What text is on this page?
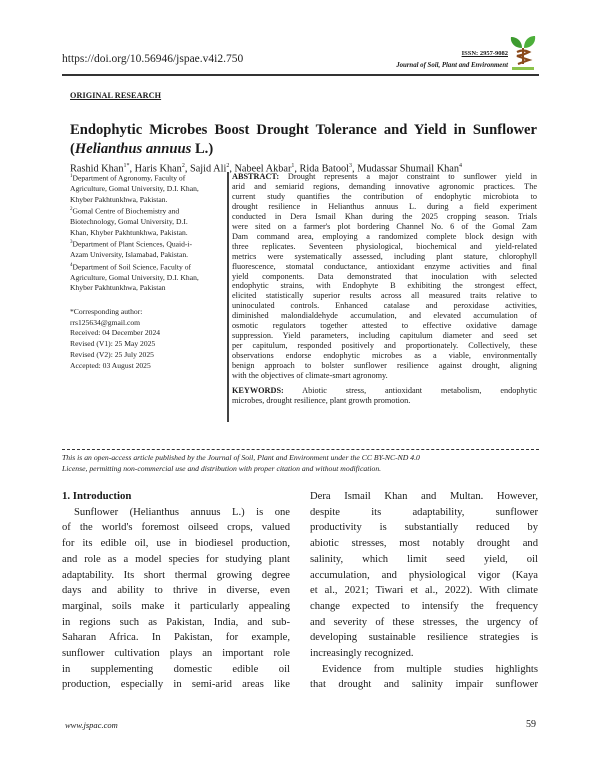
https://doi.org/10.56946/jspae.v4i2.750	ISSN: 2957-9082
Journal of Soil, Plant and Environment
ORIGINAL RESEARCH
Endophytic Microbes Boost Drought Tolerance and Yield in Sunflower
(Helianthus annuus L.)
Rashid Khan$^{1*}$, Haris Khan$^2$, Sajid Ali$^2$, Nabeel Akbar$^1$, Rida Batool$^3$, Mudassar Shumail Khan$^4$
$^1$Department of Agronomy, Faculty of
Agriculture, Gomal University, D.I. Khan,
Khyber Pakhtunkhwa, Pakistan.
$^2$Gomal Centre of Biochemistry and
Biotechnology, Gomal University, D.I.
Khan, Khyber Pakhtunkhwa, Pakistan.
$^3$Department of Plant Sciences, Quaid-i-
Azam University, Islamabad, Pakistan.
$^4$Department of Soil Science, Faculty of
Agriculture, Gomal University, D.I. Khan,
Khyber Pakhtunkhwa, Pakistan
*Corresponding author:
rrs125634@gmail.com
Received: 04 December 2024
Revised (V1): 25 May 2025
Revised (V2): 25 July 2025
Accepted: 03 August 2025
ABSTRACT: Drought represents a major constraint to sunflower yield in
arid and semiarid regions, demanding innovative agronomic practices. The
current study quantifies the contribution of endophytic microbiota to
drought resilience in Helianthus annuus L. during a field experiment
conducted in Dera Ismail Khan during the 2025 cropping season. Trials
were sited on a farmer's plot bordering Channel No. 6 of the Gomal Zam
Dam command area, employing a randomized complete block design with
three replicates. Seventeen physiological, biochemical and yield-related
metrics were systematically assessed, including plant stature, chlorophyll
fluorescence, stomatal conductance, antioxidant enzyme activities and final
yield components. Data demonstrated that inoculation with selected
endophytic strains, with Endophyte B exhibiting the strongest effect,
elicited statistically superior results across all measured traits relative to
uninoculated controls. Enhanced catalase and peroxidase activities,
diminished malondialdehyde accumulation, and elevated accumulation of
osmotic regulators together attested to effective oxidative damage
suppression. Yield parameters, including capitulum diameter and seed set
per capitulum, responded positively and proportionately. Collectively, these
observations endorse endophytic microbes as a viable, environmentally
benign approach to bolster sunflower resilience against drought, aligning
with the objectives of climate-smart agronomy.
KEYWORDS: Abiotic stress, antioxidant metabolism, endophytic
microbes, drought resilience, plant growth promotion.
This is an open-access article published by the Journal of Soil, Plant and Environment under the CC BY-NC-ND 4.0
License, permitting non-commercial use and distribution with proper citation and without modification.
1. Introduction
Sunflower (Helianthus annuus L.) is one
of the world's foremost oilseed crops, valued
for its edible oil, use in biodiesel production,
and role as a model species for studying plant
adaptability. Its short thermal growing degree
days and ability to thrive in diverse, even
marginal, soils make it particularly appealing
in regions such as Pakistan, India, and sub-
Saharan Africa. In Pakistan, for example,
sunflower cultivation plays an important role
in supplementing domestic edible oil
production, especially in semi-arid areas like
Dera Ismail Khan and Multan. However,
despite its adaptability, sunflower
productivity is substantially reduced by
abiotic stresses, most notably drought and
salinity, which limit seed yield, oil
accumulation, and physiological vigor (Kaya
et al., 2021; Tiwari et al., 2022). With climate
change expected to intensify the frequency
and severity of these stresses, the urgency of
developing sustainable resilience strategies is
increasingly recognized.
Evidence from multiple studies highlights
that drought and salinity impair sunflower
www.jspac.com	59
